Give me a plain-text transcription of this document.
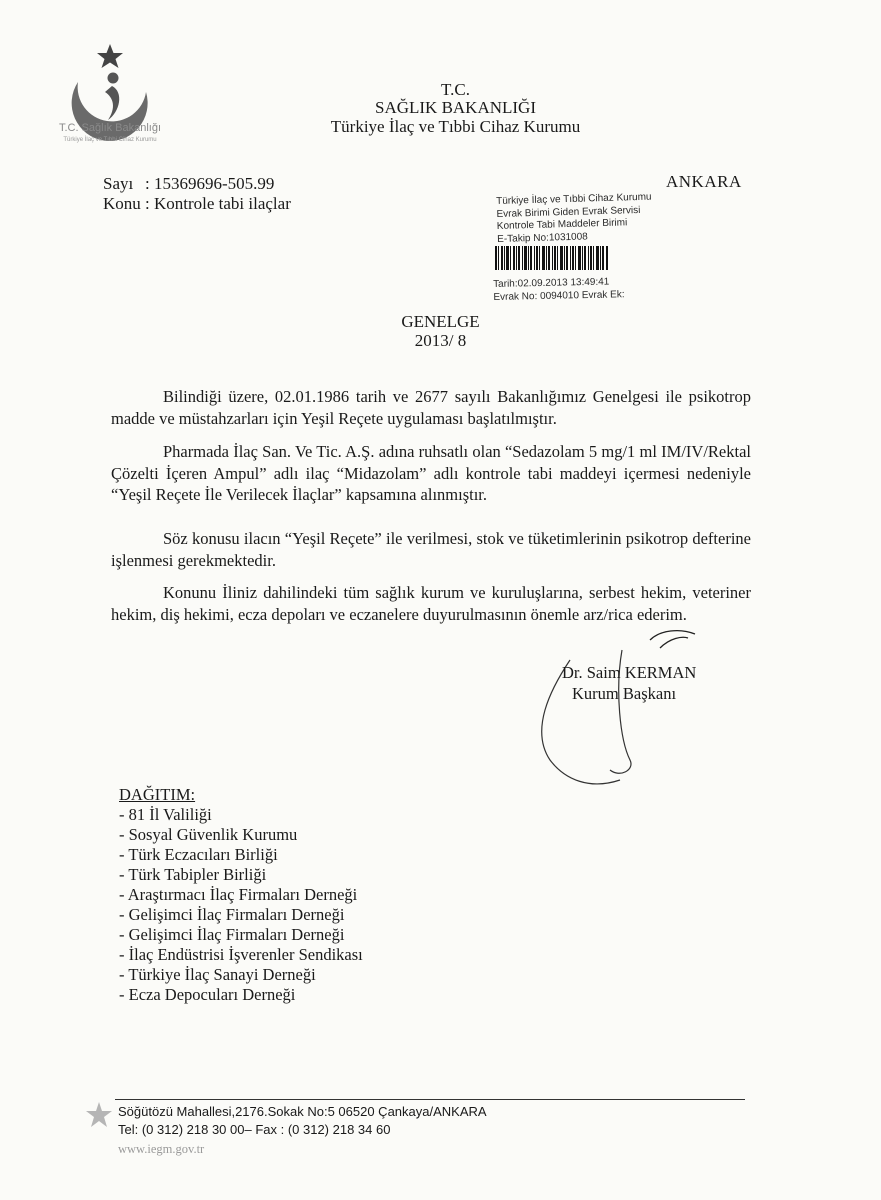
T.C. Sağlık Bakanlığı
Türkiye İlaç ve Tıbbi Cihaz Kurumu
T.C.
SAĞLIK BAKANLIĞI
Türkiye İlaç ve Tıbbi Cihaz Kurumu
Sayı : 15369696-505.99
Konu : Kontrole tabi ilaçlar
ANKARA
Türkiye İlaç ve Tıbbi Cihaz Kurumu
Evrak Birimi Giden Evrak Servisi
Kontrole Tabi Maddeler Birimi
E-Takip No:1031008
Tarih:02.09.2013 13:49:41
Evrak No: 0094010 Evrak Ek:
GENELGE
2013/ 8
Bilindiği üzere, 02.01.1986 tarih ve 2677 sayılı Bakanlığımız Genelgesi ile psikotrop madde ve müstahzarları için Yeşil Reçete uygulaması başlatılmıştır.
Pharmada İlaç San. Ve Tic. A.Ş. adına ruhsatlı olan “Sedazolam 5 mg/1 ml IM/IV/Rektal Çözelti İçeren Ampul” adlı ilaç “Midazolam” adlı kontrole tabi maddeyi içermesi nedeniyle “Yeşil Reçete İle Verilecek İlaçlar” kapsamına alınmıştır.
Söz konusu ilacın “Yeşil Reçete” ile verilmesi, stok ve tüketimlerinin psikotrop defterine işlenmesi gerekmektedir.
Konunu İliniz dahilindeki tüm sağlık kurum ve kuruluşlarına, serbest hekim, veteriner hekim, diş hekimi, ecza depoları ve eczanelere duyurulmasının önemle arz/rica ederim.
Dr. Saim KERMAN
Kurum Başkanı
DAĞITIM:
- 81 İl Valiliği
- Sosyal Güvenlik Kurumu
- Türk Eczacıları Birliği
- Türk Tabipler Birliği
- Araştırmacı İlaç Firmaları Derneği
- Gelişimci İlaç Firmaları Derneği
- Gelişimci İlaç Firmaları Derneği
- İlaç Endüstrisi İşverenler Sendikası
- Türkiye İlaç Sanayi Derneği
- Ecza Depocuları Derneği
Söğütözü Mahallesi,2176.Sokak No:5 06520 Çankaya/ANKARA
Tel: (0 312) 218 30 00– Fax : (0 312) 218 34 60
www.iegm.gov.tr
